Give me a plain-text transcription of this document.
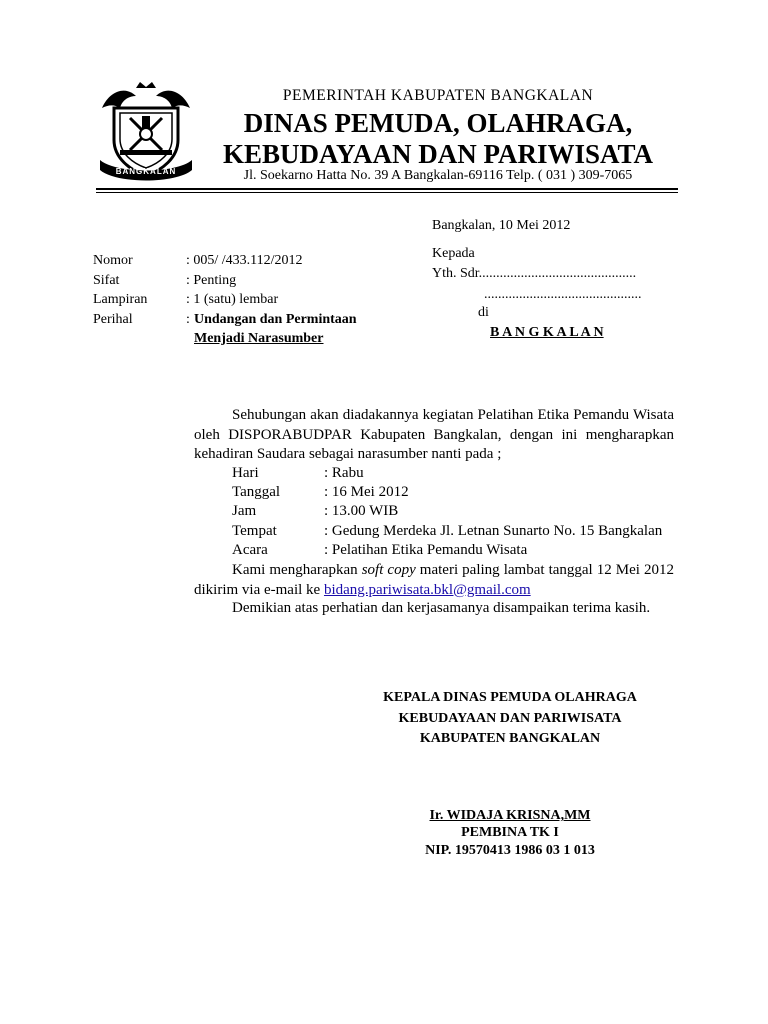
BANGKALAN
PEMERINTAH KABUPATEN BANGKALAN
DINAS PEMUDA, OLAHRAGA,
KEBUDAYAAN DAN PARIWISATA
Jl. Soekarno Hatta No. 39 A Bangkalan-69116 Telp. ( 031 ) 309-7065
Bangkalan, 10 Mei 2012
Kepada
Yth. Sdr.............................................
.............................................
di
B A N G K A L A N
Nomor	: 005/ /433.112/2012
Sifat	: Penting
Lampiran	: 1 (satu) lembar
Perihal	: Undangan dan Permintaan
Menjadi Narasumber
Sehubungan akan diadakannya kegiatan Pelatihan Etika Pemandu Wisata oleh DISPORABUDPAR Kabupaten Bangkalan, dengan ini mengharapkan kehadiran Saudara sebagai narasumber nanti pada ;
Hari	: Rabu
Tanggal	: 16 Mei 2012
Jam	: 13.00 WIB
Tempat	: Gedung Merdeka Jl. Letnan Sunarto No. 15 Bangkalan
Acara	: Pelatihan Etika Pemandu Wisata
Kami mengharapkan soft copy materi paling lambat tanggal 12 Mei 2012 dikirim via e-mail ke bidang.pariwisata.bkl@gmail.com
Demikian atas perhatian dan kerjasamanya disampaikan terima kasih.
KEPALA DINAS PEMUDA OLAHRAGA
KEBUDAYAAN DAN PARIWISATA
KABUPATEN BANGKALAN
Ir. WIDAJA KRISNA,MM
PEMBINA TK I
NIP. 19570413 1986 03 1 013
